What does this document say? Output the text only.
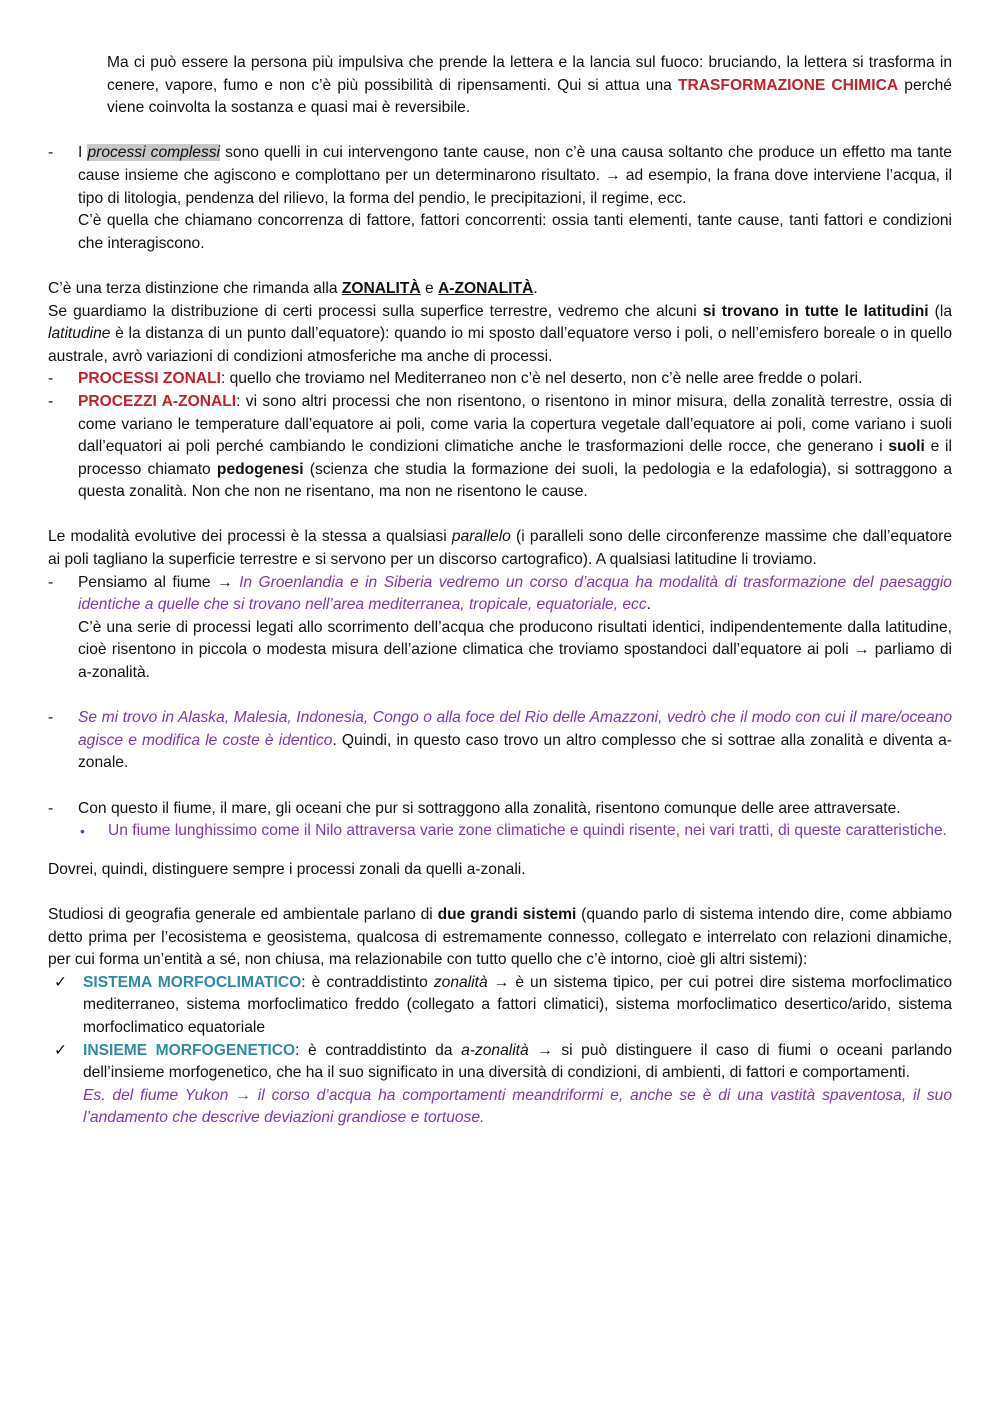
Ma ci può essere la persona più impulsiva che prende la lettera e la lancia sul fuoco: bruciando, la lettera si trasforma in cenere, vapore, fumo e non c’è più possibilità di ripensamenti. Qui si attua una TRASFORMAZIONE CHIMICA perché viene coinvolta la sostanza e quasi mai è reversibile.

- I processi complessi sono quelli in cui intervengono tante cause, non c’è una causa soltanto che produce un effetto ma tante cause insieme che agiscono e complottano per un determinarono risultato. → ad esempio, la frana dove interviene l’acqua, il tipo di litologia, pendenza del rilievo, la forma del pendio, le precipitazioni, il regime, ecc.

C’è quella che chiamano concorrenza di fattore, fattori concorrenti: ossia tanti elementi, tante cause, tanti fattori e condizioni che interagiscono.

C’è una terza distinzione che rimanda alla ZONALITÀ e A-ZONALITÀ.

Se guardiamo la distribuzione di certi processi sulla superfice terrestre, vedremo che alcuni si trovano in tutte le latitudini (la latitudine è la distanza di un punto dall’equatore): quando io mi sposto dall’equatore verso i poli, o nell’emisfero boreale o in quello australe, avrò variazioni di condizioni atmosferiche ma anche di processi.

- PROCESSI ZONALI: quello che troviamo nel Mediterraneo non c’è nel deserto, non c’è nelle aree fredde o polari.

- PROCEZZI A-ZONALI: vi sono altri processi che non risentono, o risentono in minor misura, della zonalità terrestre, ossia di come variano le temperature dall’equatore ai poli, come varia la copertura vegetale dall’equatore ai poli, come variano i suoli dall’equatori ai poli perché cambiando le condizioni climatiche anche le trasformazioni delle rocce, che generano i suoli e il processo chiamato pedogenesi (scienza che studia la formazione dei suoli, la pedologia e la edafologia), si sottraggono a questa zonalità. Non che non ne risentano, ma non ne risentono le cause.

Le modalità evolutive dei processi è la stessa a qualsiasi parallelo (i paralleli sono delle circonferenze massime che dall’equatore ai poli tagliano la superficie terrestre e si servono per un discorso cartografico). A qualsiasi latitudine li troviamo.

- Pensiamo al fiume → In Groenlandia e in Siberia vedremo un corso d’acqua ha modalità di trasformazione del paesaggio identiche a quelle che si trovano nell’area mediterranea, tropicale, equatoriale, ecc.

C’è una serie di processi legati allo scorrimento dell’acqua che producono risultati identici, indipendentemente dalla latitudine, cioè risentono in piccola o modesta misura dell’azione climatica che troviamo spostandoci dall’equatore ai poli → parliamo di a-zonalità.

- Se mi trovo in Alaska, Malesia, Indonesia, Congo o alla foce del Rio delle Amazzoni, vedrò che il modo con cui il mare/oceano agisce e modifica le coste è identico. Quindi, in questo caso trovo un altro complesso che si sottrae alla zonalità e diventa a-zonale.

- Con questo il fiume, il mare, gli oceani che pur si sottraggono alla zonalità, risentono comunque delle aree attraversate.

• Un fiume lunghissimo come il Nilo attraversa varie zone climatiche e quindi risente, nei vari tratti, di queste caratteristiche.

Dovrei, quindi, distinguere sempre i processi zonali da quelli a-zonali.

Studiosi di geografia generale ed ambientale parlano di due grandi sistemi (quando parlo di sistema intendo dire, come abbiamo detto prima per l’ecosistema e geosistema, qualcosa di estremamente connesso, collegato e interrelato con relazioni dinamiche, per cui forma un’entità a sé, non chiusa, ma relazionabile con tutto quello che c’è intorno, cioè gli altri sistemi):

✓ SISTEMA MORFOCLIMATICO: è contraddistinto zonalità → è un sistema tipico, per cui potrei dire sistema morfoclimatico mediterraneo, sistema morfoclimatico freddo (collegato a fattori climatici), sistema morfoclimatico desertico/arido, sistema morfoclimatico equatoriale

✓ INSIEME MORFOGENETICO: è contraddistinto da a-zonalità → si può distinguere il caso di fiumi o oceani parlando dell’insieme morfogenetico, che ha il suo significato in una diversità di condizioni, di ambienti, di fattori e comportamenti.

Es. del fiume Yukon → il corso d’acqua ha comportamenti meandriformi e, anche se è di una vastità spaventosa, il suo l’andamento che descrive deviazioni grandiose e tortuose.
